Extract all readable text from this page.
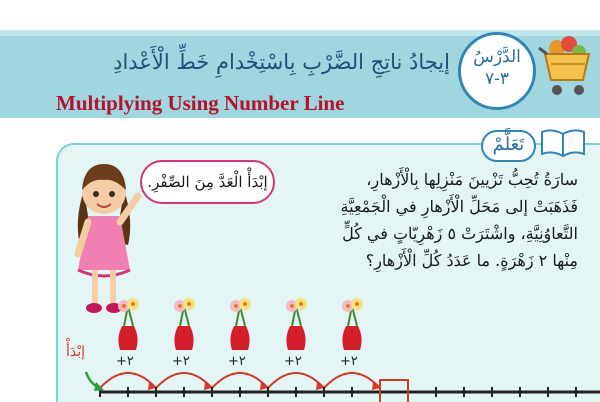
إيجادُ ناتِجِ الضَّرْبِ بِاسْتِخْدامِ خَطِّ الْأَعْدادِ
Multiplying Using Number Line
الدَّرْسُ
٣-٧
تَعَلَّمْ
سارَةُ تُحِبُّ تَزْيينَ مَنْزِلِها بِالْأَزْهارِ،
فَذَهَبَتْ إلى مَحَلِّ الْأَزْهارِ في الْجَمْعِيَّةِ
التَّعاوُنِيَّةِ، واشْتَرَتْ ٥ زَهْرِيّاتٍ في كُلٍّ
مِنْها ٢ زَهْرَةٍ. ما عَدَدُ كُلِّ الْأَزْهارِ؟
إبْدَأْ الْعَدَّ مِنَ الصِّفْرِ.
إبْدَأْ
+٢	+٢	+٢	+٢	+٢
